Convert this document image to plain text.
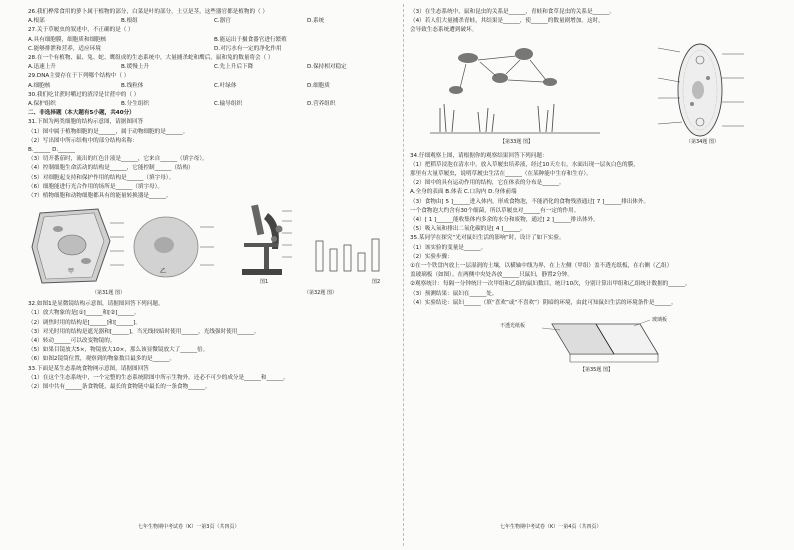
26.我们桦常食用的萝卜属于植物的部分，白菜是叶的部分，土豆是茎，这些器官都是植物的（ ）
A.根部	B.根组	C.器官	D.系统
27.关于草履虫的叙述中，不正确的是（ ）
A.具有细胞膜，细胞质和细胞核	B.能运出于摄食器官进行繁殖
C.能够排泄和营养，适应环境	D.对污水有一定的净化作用
28.在一个有植物、鼠、兔、蛇、鹰组成的生态系统中，大量捕杀蛇和鹰后，鼠和兔的数量将会（ ）
A.迅速上升	B.缓慢上升	C.先上升后下降	D.保持相对稳定
29.DNA主要存在于下列哪个结构中（ ）
A.细胞核	B.线粒体	C.叶绿体	D.细胞质
30.我们吃甘蔗时嚼过的渣滓是甘蔗中的（ ）
A.保护组织	B.分生组织	C.输导组织	D.营养组织
二、非选择题（本大题有5小题，共40分）
31.下图为两类细胞的结构示意图，请据图回答
（1）图中属于植物细胞的是______，属于动物细胞的是______。
（2）写出图中所示结构中的部分结构名称：
B.______ D.______
（3）切开番茄时，流出的红色汁液是______，它来自______（填字母）。
（4）控制细胞生命活动的结构是______，它能控制______（结构）
（5）对细胞起支持和保护作用的结构是______（填字母）。
（6）细胞能进行光合作用的场所是______（填字母）。
（7）植物细胞和动物细胞都具有的能量转换器是______。
甲	乙
（第31题 图）
图1	图2
（第32题 图）
32.如图1是显微镜结构示意图，请据图回答下列问题。
（1）放大物象的是[①]______和[②]______。
（2）调焦时用的结构是[______]和[______]。
（3）对光时用的结构是遮光器和[______]，当光线较暗时使用______，光线强时使用______。
（4）转动______可以改变物镜的。
（5）如果目镜放大5×，物镜放大10×，那么该显微镜放大了______倍。
（6）如图2镜筒位置，观察到的物象数目最多的是______。
33.下面是某生态系统食物网示意图，请据图回答
（1）在这个生态系统中，一个完整的生态系统除图中所示生物外，还必不可少的成分是______和______。
（2）图中共有______条食物链，最长的食物链中最长的一条食物______。
七年生物期中考试卷（K）一第3页（共四页）
（3）在生态系统中，鼠和昆虫的关系是______，青蛙和食草昆虫的关系是______。
（4）若人们大量捕杀青蛙，其结果是______，使______的数量剧增加。这时，
会导致生态系统遭到破坏。
【第33题 图】	（第34题 图）
34.仔细观察上图，请根据你的观察结果回答下列问题：
（1）把稻草浸泡在清水中，放入草履虫培养液，经过10天左右，水面出现一层灰白色的膜，
那里有大量草履虫，说明草履虫生活在______（在某种能中生存和生存）。
（2）图中的具有运动作用的结构，它在体表的分布是______。
A.全身的表面 B.体表 C.口沟内 D.身体前端
（3）食物由[ 5 ]______进入体内，形成食物泡，不能消化的食物残渣通过[ 7 ]______排出体外。
一个食物泡大约含有30个细菌，所以草履虫对______有一定的作用。
（4）[ 1 ]______能收集体内多余的水分和废物，通过[ 2 ]______排出体外。
（5）吸入氧和排出二氧化碳的是[ 4 ]______。
35.某同学在探究“光对鼠妇生活的影响”时，设计了如下实验。
（1）该实验的变量是______。
（2）实验步骤：
①在一个铁盘内放上一层湿润的土壤，以横轴中线为界，在上左侧（甲组）盖不透光纸板，在右侧（乙组）
盖玻璃板（如图）。在两侧中央处各放______只鼠妇，静置2分钟。
②观察统计：每隔一分钟统计一次甲组和乙组的鼠妇数目，统计10次，分别计算出甲组和乙组统计数据的______。
（3）预测结果：鼠妇在______处。
（4）实验结论：鼠妇______（填“喜欢”或“不喜欢”）阴暗的环境，由此可知鼠妇生活的环境条件是______。
不透光纸板
玻璃板
【第35题 图】
七年生物期中考试卷（K）一第4页（共四页）
